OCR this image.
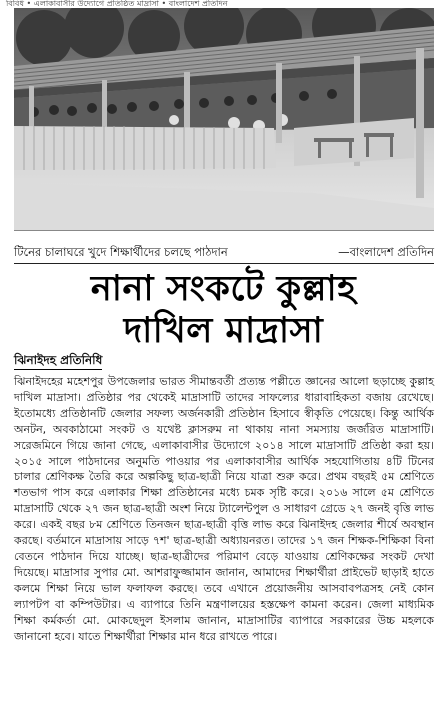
বিবিধ • এলাকাবাসীর উদ্যোগে প্রতিষ্ঠিত মাদ্রাসা • বাংলাদেশ প্রতিদিন
টিনের চালাঘরে খুদে শিক্ষার্থীদের চলছে পাঠদান	—বাংলাদেশ প্রতিদিন
নানা সংকটে কুল্লাহ
দাখিল মাদ্রাসা
ঝিনাইদহ প্রতিনিধি

ঝিনাইদহের মহেশপুর উপজেলার ভারত সীমান্তবর্তী প্রত্যন্ত পল্লীতে জ্ঞানের আলো ছড়াচ্ছে কুল্লাহ দাখিল মাদ্রাসা। প্রতিষ্ঠার পর থেকেই মাদ্রাসাটি তাদের সাফল্যের ধারাবাহিকতা বজায় রেখেছে। ইতোমধ্যে প্রতিষ্ঠানটি জেলার সফল্য অর্জনকারী প্রতিষ্ঠান হিসাবে স্বীকৃতি পেয়েছে। কিন্তু আর্থিক অনটন, অবকাঠামো সংকট ও যথেষ্ট ক্লাসরুম না থাকায় নানা সমস্যায় জর্জরিত মাদ্রাসাটি। সরেজমিনে গিয়ে জানা গেছে, এলাকাবাসীর উদ্যোগে ২০১৪ সালে মাদ্রাসাটি প্রতিষ্ঠা করা হয়। ২০১৫ সালে পাঠদানের অনুমতি পাওয়ার পর এলাকাবাসীর আর্থিক সহযোগিতায় ৪টি টিনের চালার শ্রেণিকক্ষ তৈরি করে অল্পকিছু ছাত্র-ছাত্রী নিয়ে যাত্রা শুরু করে। প্রথম বছরই ৫ম শ্রেণিতে শতভাগ পাস করে এলাকার শিক্ষা প্রতিষ্ঠানের মধ্যে চমক সৃষ্টি করে। ২০১৬ সালে ৫ম শ্রেণিতে মাদ্রাসাটি থেকে ২৭ জন ছাত্র-ছাত্রী অংশ নিয়ে ট্যালেন্টপুল ও সাধারণ গ্রেডে ২৭ জনই বৃত্তি লাভ করে। একই বছর ৮ম শ্রেণিতে তিনজন ছাত্র-ছাত্রী বৃত্তি লাভ করে ঝিনাইদহ জেলার শীর্ষে অবস্থান করছে। বর্তমানে মাদ্রাসায় সাড়ে ৭শ' ছাত্র-ছাত্রী অধ্যায়নরত। তাদের ১৭ জন শিক্ষক-শিক্ষিকা বিনা বেতনে পাঠদান দিয়ে যাচ্ছে। ছাত্র-ছাত্রীদের পরিমাণ বেড়ে যাওয়ায় শ্রেণিকক্ষের সংকট দেখা দিয়েছে। মাদ্রাসার সুপার মো. আশরাফুজ্জামান জানান, আমাদের শিক্ষার্থীরা প্রাইভেট ছাড়াই হাতে কলমে শিক্ষা নিয়ে ভাল ফলাফল করছে। তবে এখানে প্রয়োজনীয় আসবাবপত্রসহ নেই কোন ল্যাপটপ বা কম্পিউটার। এ ব্যাপারে তিনি মন্ত্রণালয়ের হস্তক্ষেপ কামনা করেন। জেলা মাধ্যমিক শিক্ষা কর্মকর্তা মো. মোকছেদুল ইসলাম জানান, মাদ্রাসাটির ব্যাপারে সরকারের উচ্চ মহলকে জানানো হবে। যাতে শিক্ষার্থীরা শিক্ষার মান ধরে রাখতে পারে।
